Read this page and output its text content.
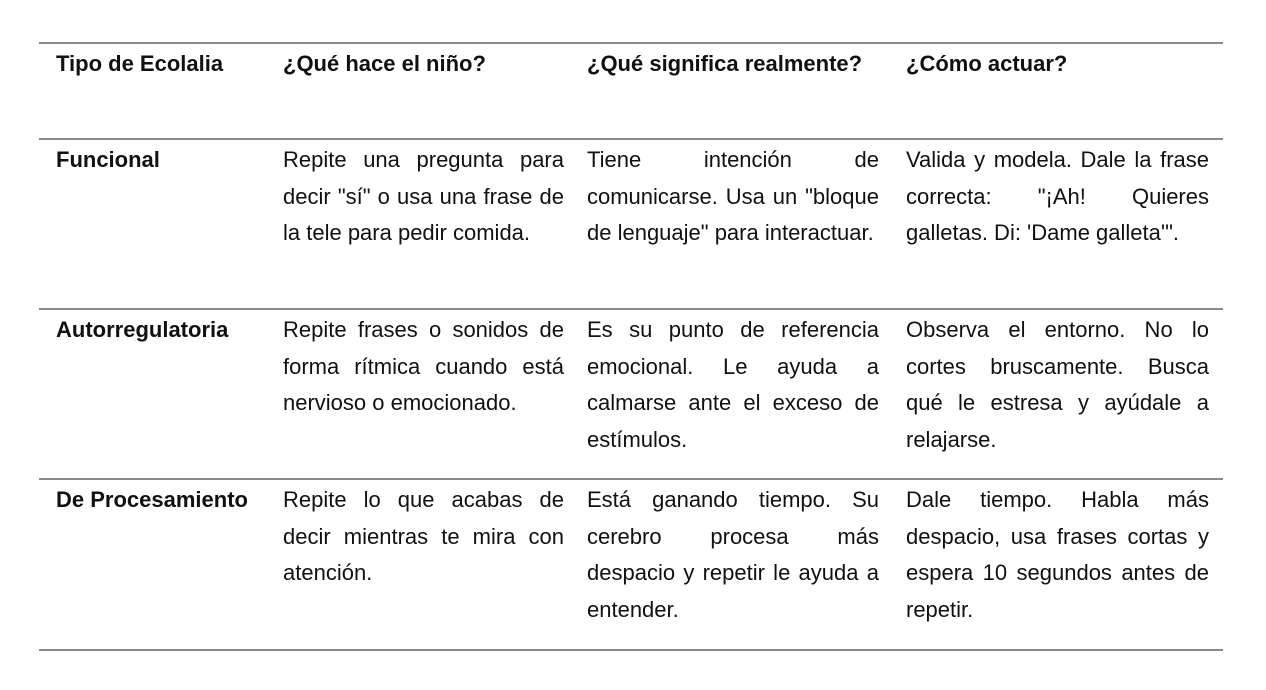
Tipo de Ecolalia	¿Qué hace el niño?	¿Qué significa realmente?	¿Cómo actuar?
Funcional	Repite una pregunta para decir "sí" o usa una frase de la tele para pedir comida.	Tiene intención de comunicarse. Usa un "bloque de lenguaje" para interactuar.	Valida y modela. Dale la frase correcta: "¡Ah! Quieres galletas. Di: 'Dame galleta'".
Autorregulatoria	Repite frases o sonidos de forma rítmica cuando está nervioso o emocionado.	Es su punto de referencia emocional. Le ayuda a calmarse ante el exceso de estímulos.	Observa el entorno. No lo cortes bruscamente. Busca qué le estresa y ayúdale a relajarse.
De Procesamiento	Repite lo que acabas de decir mientras te mira con atención.	Está ganando tiempo. Su cerebro procesa más despacio y repetir le ayuda a entender.	Dale tiempo. Habla más despacio, usa frases cortas y espera 10 segundos antes de repetir.
